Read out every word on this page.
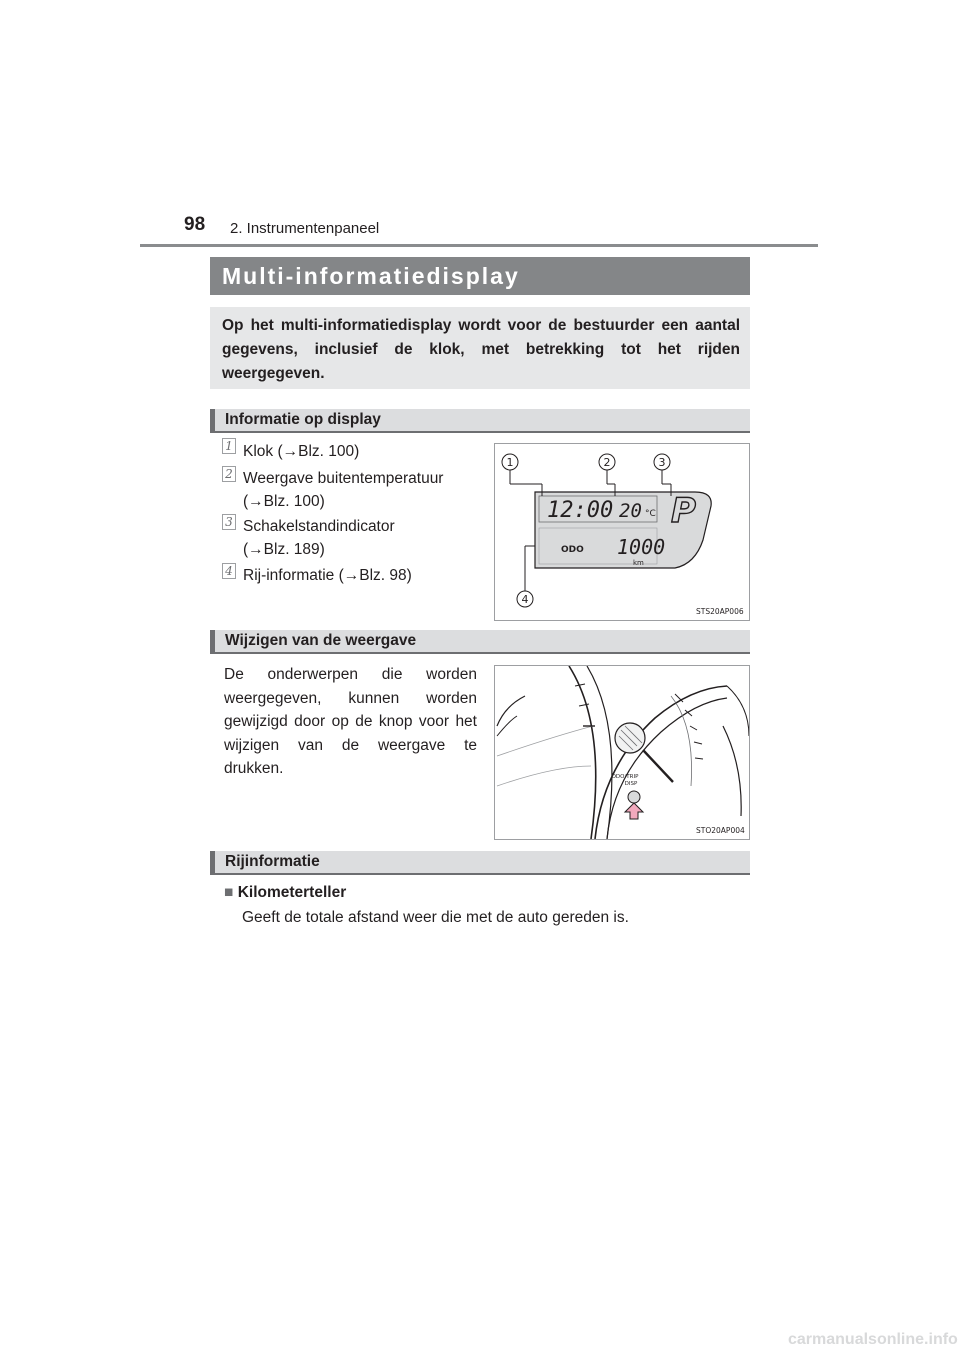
98 2. Instrumentenpaneel
Multi-informatiedisplay
Op het multi-informatiedisplay wordt voor de bestuurder een aantal gegevens, inclusief de klok, met betrekking tot het rijden weergegeven.
Informatie op display
1 Klok (→Blz. 100)
2 Weergave buitentemperatuur
(→Blz. 100)
3 Schakelstandindicator
(→Blz. 189)
4 Rij-informatie (→Blz. 98)
12:00 20 °C P
ODO 1000
km
1	2	3
4
STS20AP006
Wijzigen van de weergave
De onderwerpen die worden weergegeven, kunnen worden gewijzigd door op de knop voor het wijzigen van de weergave te drukken.	ODO/TRIP
DISP
STO20AP004
Rijinformatie
■ Kilometerteller
Geeft de totale afstand weer die met de auto gereden is.
carmanualsonline.info
